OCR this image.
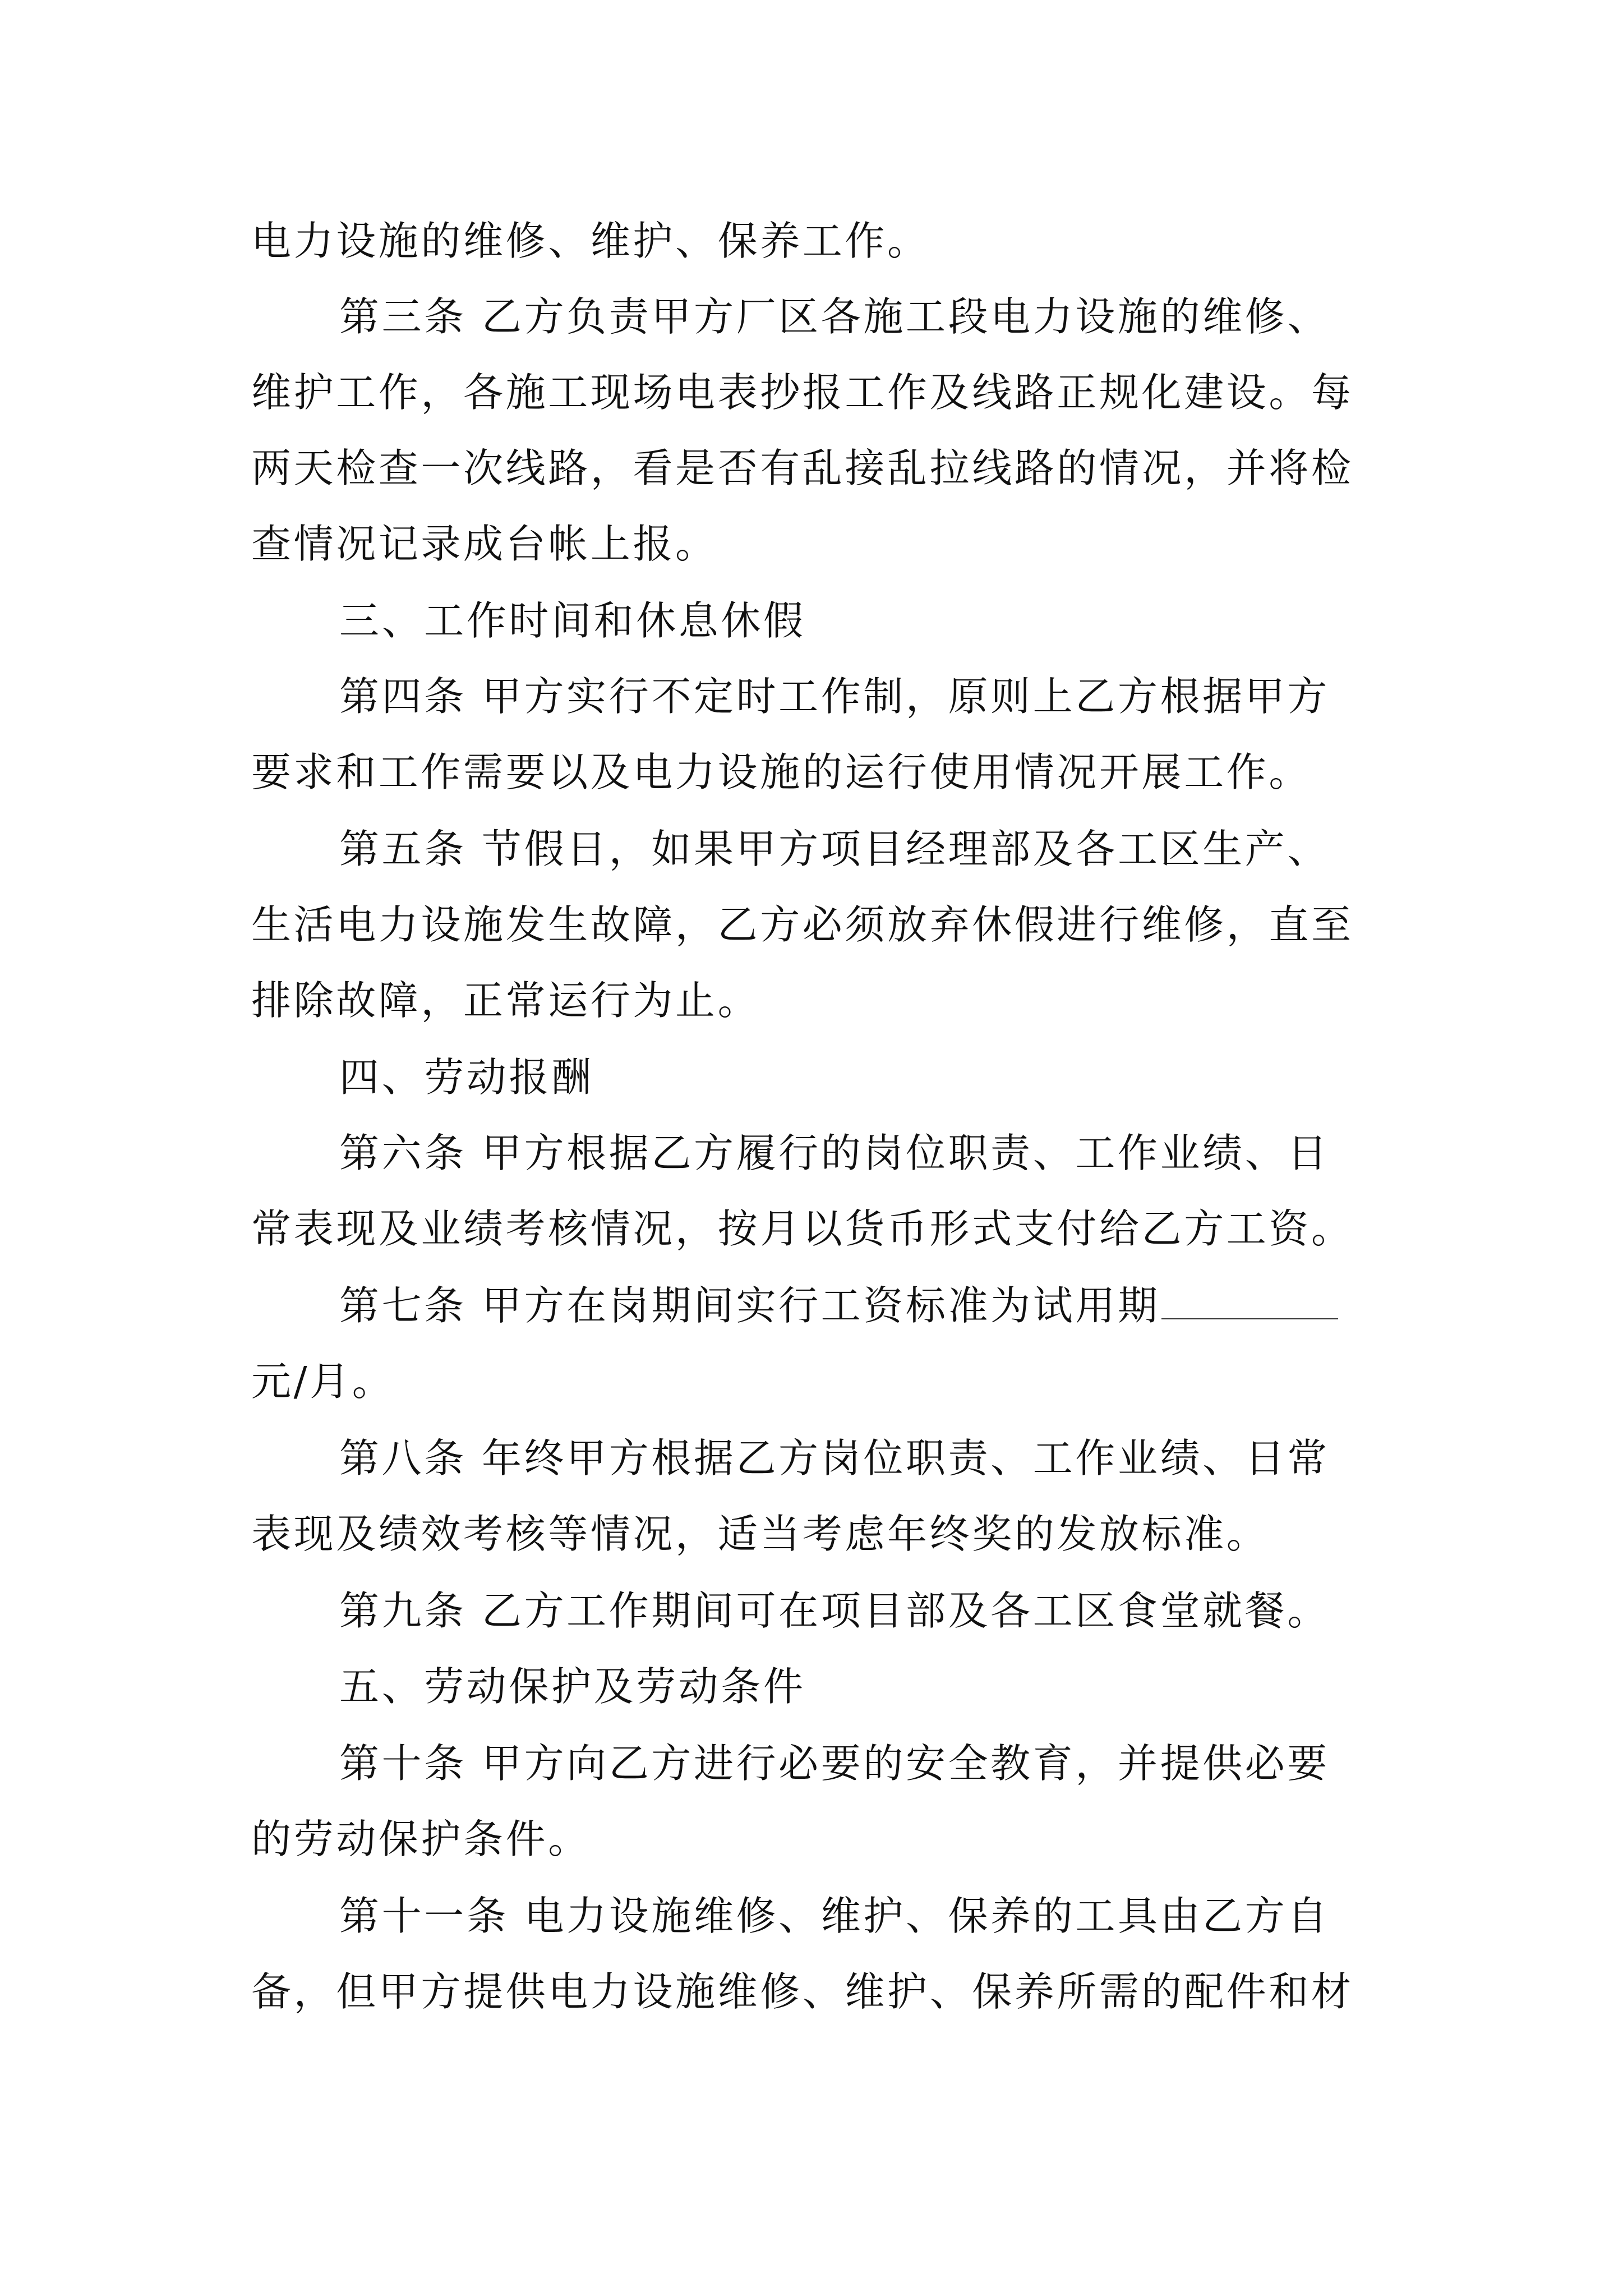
电力设施的维修、维护、保养工作。
第三条 乙方负责甲方厂区各施工段电力设施的维修、
维护工作，各施工现场电表抄报工作及线路正规化建设。每
两天检查一次线路，看是否有乱接乱拉线路的情况，并将检
查情况记录成台帐上报。
三、工作时间和休息休假
第四条 甲方实行不定时工作制，原则上乙方根据甲方
要求和工作需要以及电力设施的运行使用情况开展工作。
第五条 节假日，如果甲方项目经理部及各工区生产、
生活电力设施发生故障，乙方必须放弃休假进行维修，直至
排除故障，正常运行为止。
四、劳动报酬
第六条 甲方根据乙方履行的岗位职责、工作业绩、日
常表现及业绩考核情况，按月以货币形式支付给乙方工资。
第七条 甲方在岗期间实行工资标准为试用期
元/月。
第八条 年终甲方根据乙方岗位职责、工作业绩、日常
表现及绩效考核等情况，适当考虑年终奖的发放标准。
第九条 乙方工作期间可在项目部及各工区食堂就餐。
五、劳动保护及劳动条件
第十条 甲方向乙方进行必要的安全教育，并提供必要
的劳动保护条件。
第十一条 电力设施维修、维护、保养的工具由乙方自
备，但甲方提供电力设施维修、维护、保养所需的配件和材
